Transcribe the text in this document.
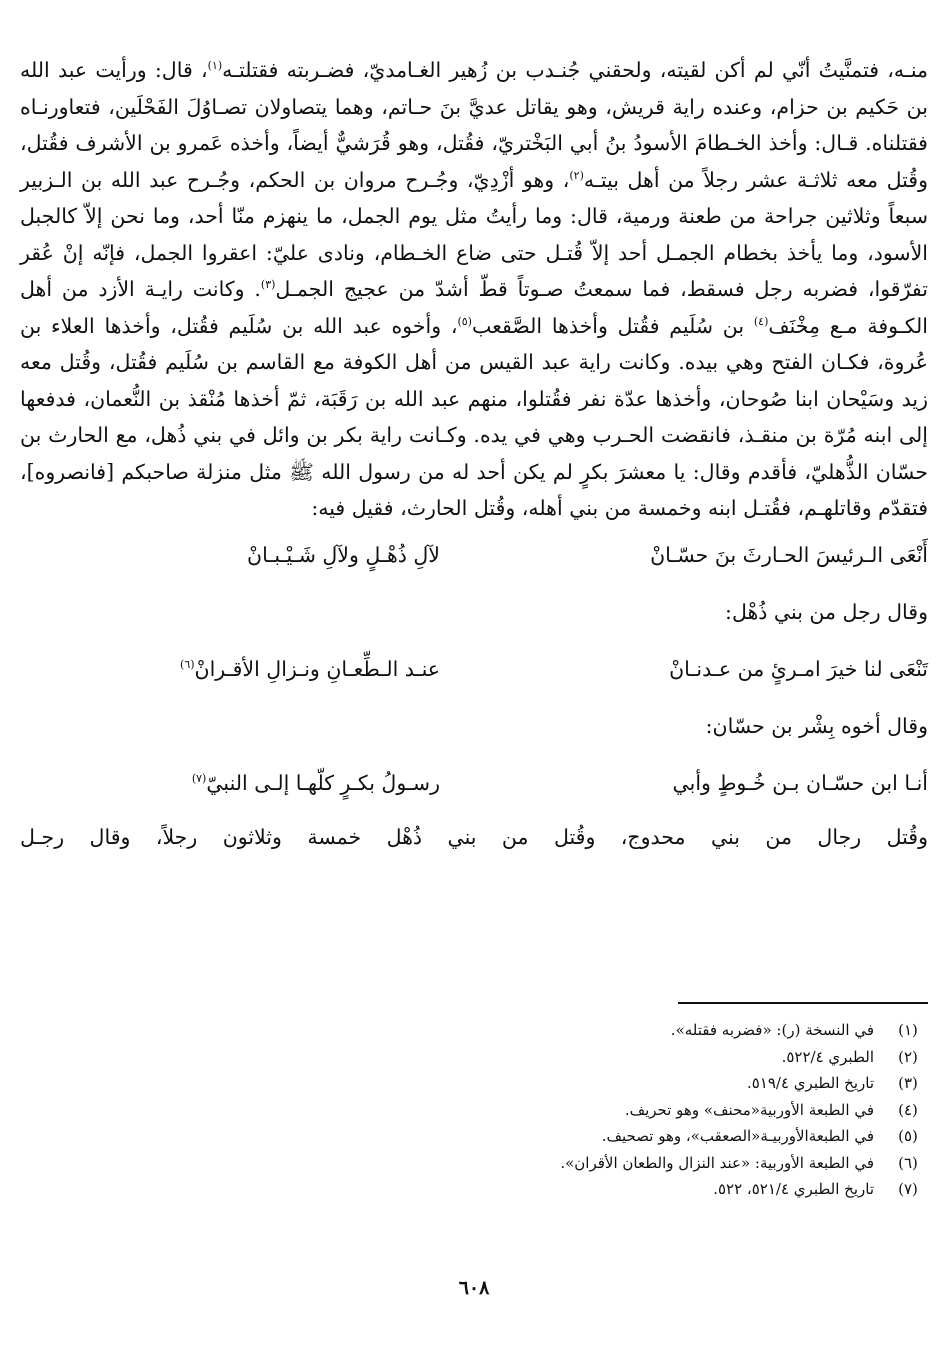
منـه، فتمنَّيتُ أنّي لم أكن لقيته، ولحقني جُنـدب بن زُهير الغـامديّ، فضـربته فقتلتـه$^{(١)}$، قال: ورأيت عبد الله بن حَكيم بن حزام، وعنده راية قريش، وهو يقاتل عديَّ بنَ حـاتم، وهما يتصاولان تصـاوُلَ الفَحْلَين، فتعاورنـاه فقتلناه. قـال: وأخذ الخـطامَ الأسودُ بنُ أبي البَخْتريّ، فقُتل، وهو قُرَشيٌّ أيضاً، وأخذه عَمرو بن الأشرف فقُتل، وقُتل معه ثلاثـة عشر رجلاً من أهل بيتـه$^{(٢)}$، وهو أزْدِيّ، وجُـرح مروان بن الحكم، وجُـرح عبد الله بن الـزبير سبعاً وثلاثين جراحة من طعنة ورمية، قال: وما رأيتُ مثل يوم الجمل، ما ينهزم منّا أحد، وما نحن إلاّ كالجبل الأسود، وما يأخذ بخطام الجمـل أحد إلاّ قُتـل حتى ضاع الخـطام، ونادى عليّ: اعقروا الجمل، فإنّه إنْ عُقر تفرّقوا، فضربه رجل فسقط، فما سمعتُ صـوتاً قطّ أشدّ من عجيج الجمـل$^{(٣)}$. وكانت رايـة الأزد من أهل الكـوفة مـع مِخْنَف$^{(٤)}$ بن سُلَيم فقُتل وأخذها الصَّقعب$^{(٥)}$، وأخوه عبد الله بن سُلَيم فقُتل، وأخذها العلاء بن عُروة، فكـان الفتح وهي بيده. وكانت راية عبد القيس من أهل الكوفة مع القاسم بن سُلَيم فقُتل، وقُتل معه زيد وسَيْحان ابنا صُوحان، وأخذها عدّة نفر فقُتلوا، منهم عبد الله بن رَقَبَة، ثمّ أخذها مُنْقذ بن النُّعمان، فدفعها إلى ابنه مُرّة بن منقـذ، فانقضت الحـرب وهي في يده. وكـانت راية بكر بن وائل في بني ذُهل، مع الحارث بن حسّان الذُّهليّ، فأقدم وقال: يا معشرَ بكرٍ لم يكن أحد له من رسول الله ﷺ مثل منزلة صاحبكم [فانصروه]، فتقدّم وقاتلهـم، فقُتـل ابنه وخمسة من بني أهله، وقُتل الحارث، فقيل فيه:

أَنْعَى الـرئيسَ الحـارثَ بنَ حسّـانْ
لآلِ ذُهْـلٍ ولآلِ شَـيْـبـانْ
وقال رجل من بني ذُهْل:
تَنْعَى لنا خيرَ امـرئٍ من عـدنـانْ
عنـد الـطِّعـانِ ونـزالِ الأقـرانْ$^{(٦)}$
وقال أخوه بِشْر بن حسّان:
أنـا ابن حسّـان بـن خُـوطٍ وأبي
رسـولُ بكـرٍ كلّهـا إلـى النبيّ$^{(٧)}$
وقُتل رجال من بني محدوج، وقُتل من بني ذُهْل خمسة وثلاثون رجلاً، وقال رجـل
(١)في النسخة (ر): «فضربه فقتله».
(٢)الطبري ٥٢٢/٤.
(٣)تاريخ الطبري ٥١٩/٤.
(٤)في الطبعة الأوربية«محنف» وهو تحريف.
(٥)في الطبعةالأوربيـة«الصعقب»، وهو تصحيف.
(٦)في الطبعة الأوربية: «عند النزال والطعان الأقران».
(٧)تاريخ الطبري ٥٢١/٤، ٥٢٢.
٦٠٨
